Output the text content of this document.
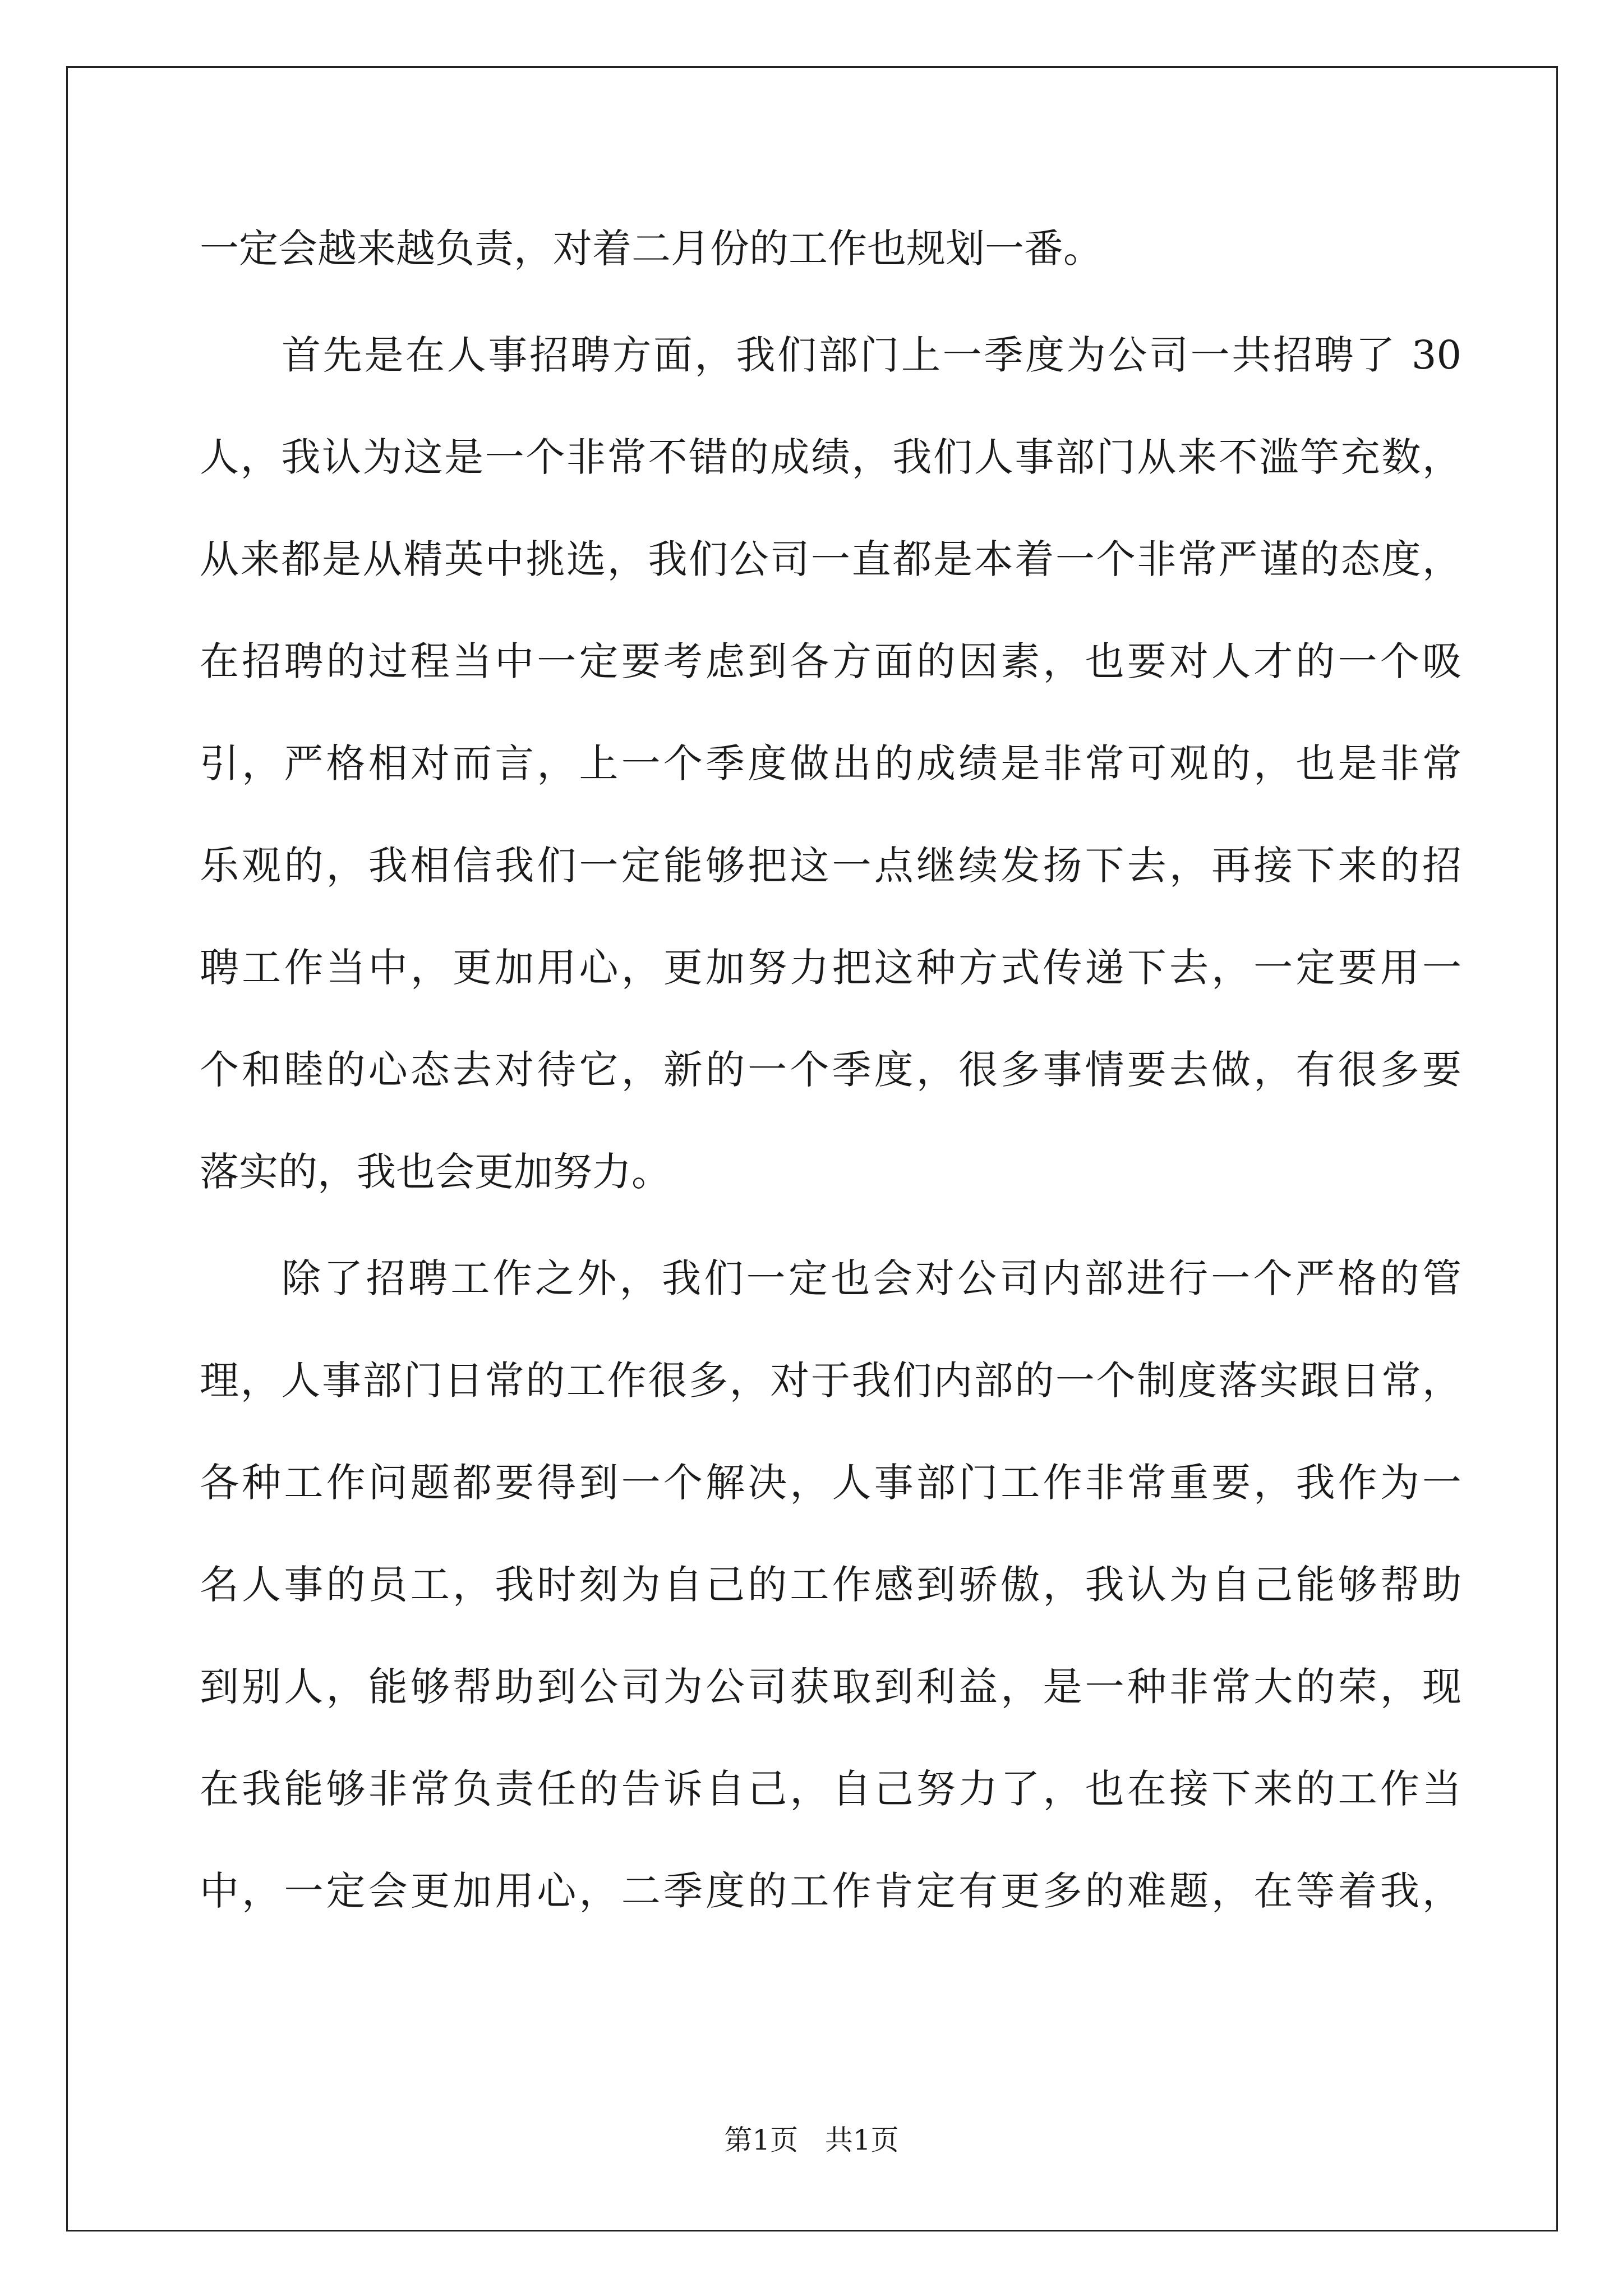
一定会越来越负责，对着二月份的工作也规划一番。
首先是在人事招聘方面，我们部门上一季度为公司一共招聘了 30
人，我认为这是一个非常不错的成绩，我们人事部门从来不滥竽充数，
从来都是从精英中挑选，我们公司一直都是本着一个非常严谨的态度，
在招聘的过程当中一定要考虑到各方面的因素，也要对人才的一个吸
引，严格相对而言，上一个季度做出的成绩是非常可观的，也是非常
乐观的，我相信我们一定能够把这一点继续发扬下去，再接下来的招
聘工作当中，更加用心，更加努力把这种方式传递下去，一定要用一
个和睦的心态去对待它，新的一个季度，很多事情要去做，有很多要
落实的，我也会更加努力。
除了招聘工作之外，我们一定也会对公司内部进行一个严格的管
理，人事部门日常的工作很多，对于我们内部的一个制度落实跟日常，
各种工作问题都要得到一个解决，人事部门工作非常重要，我作为一
名人事的员工，我时刻为自己的工作感到骄傲，我认为自己能够帮助
到别人，能够帮助到公司为公司获取到利益，是一种非常大的荣，现
在我能够非常负责任的告诉自己，自己努力了，也在接下来的工作当
中，一定会更加用心，二季度的工作肯定有更多的难题，在等着我，
第1页   共1页
